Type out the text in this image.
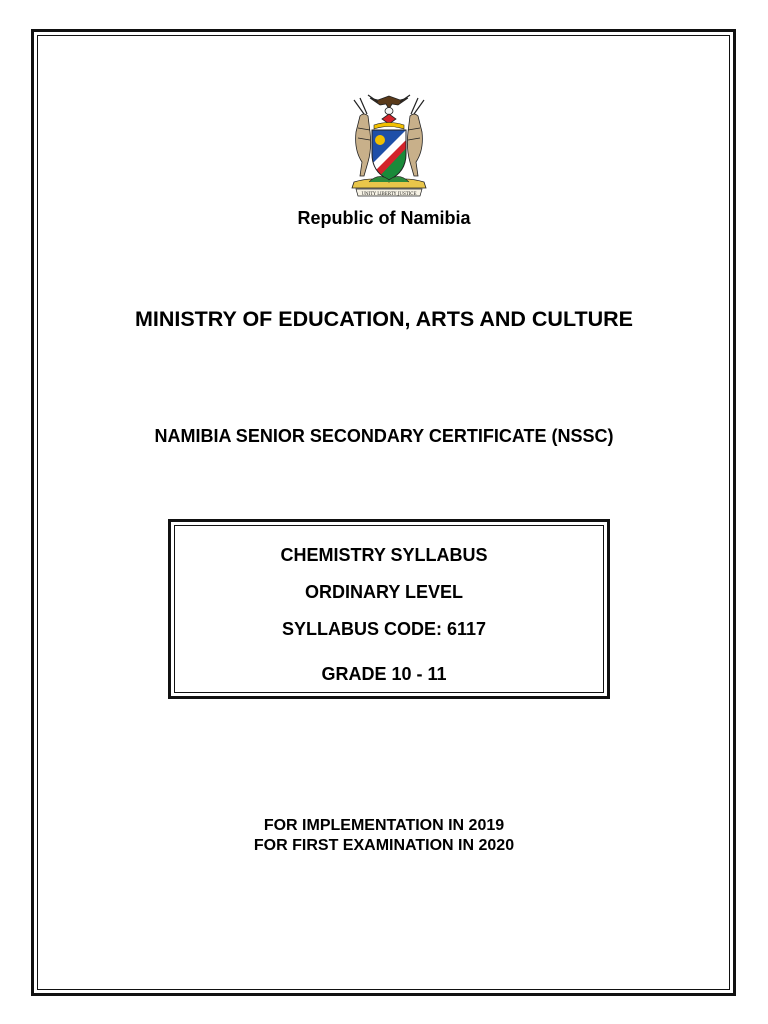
UNITY LIBERTY JUSTICE
Republic of Namibia
MINISTRY OF EDUCATION, ARTS AND CULTURE
NAMIBIA SENIOR SECONDARY CERTIFICATE (NSSC)
CHEMISTRY SYLLABUS
ORDINARY LEVEL
SYLLABUS CODE: 6117
GRADE 10 - 11
FOR IMPLEMENTATION IN 2019
FOR FIRST EXAMINATION IN 2020
